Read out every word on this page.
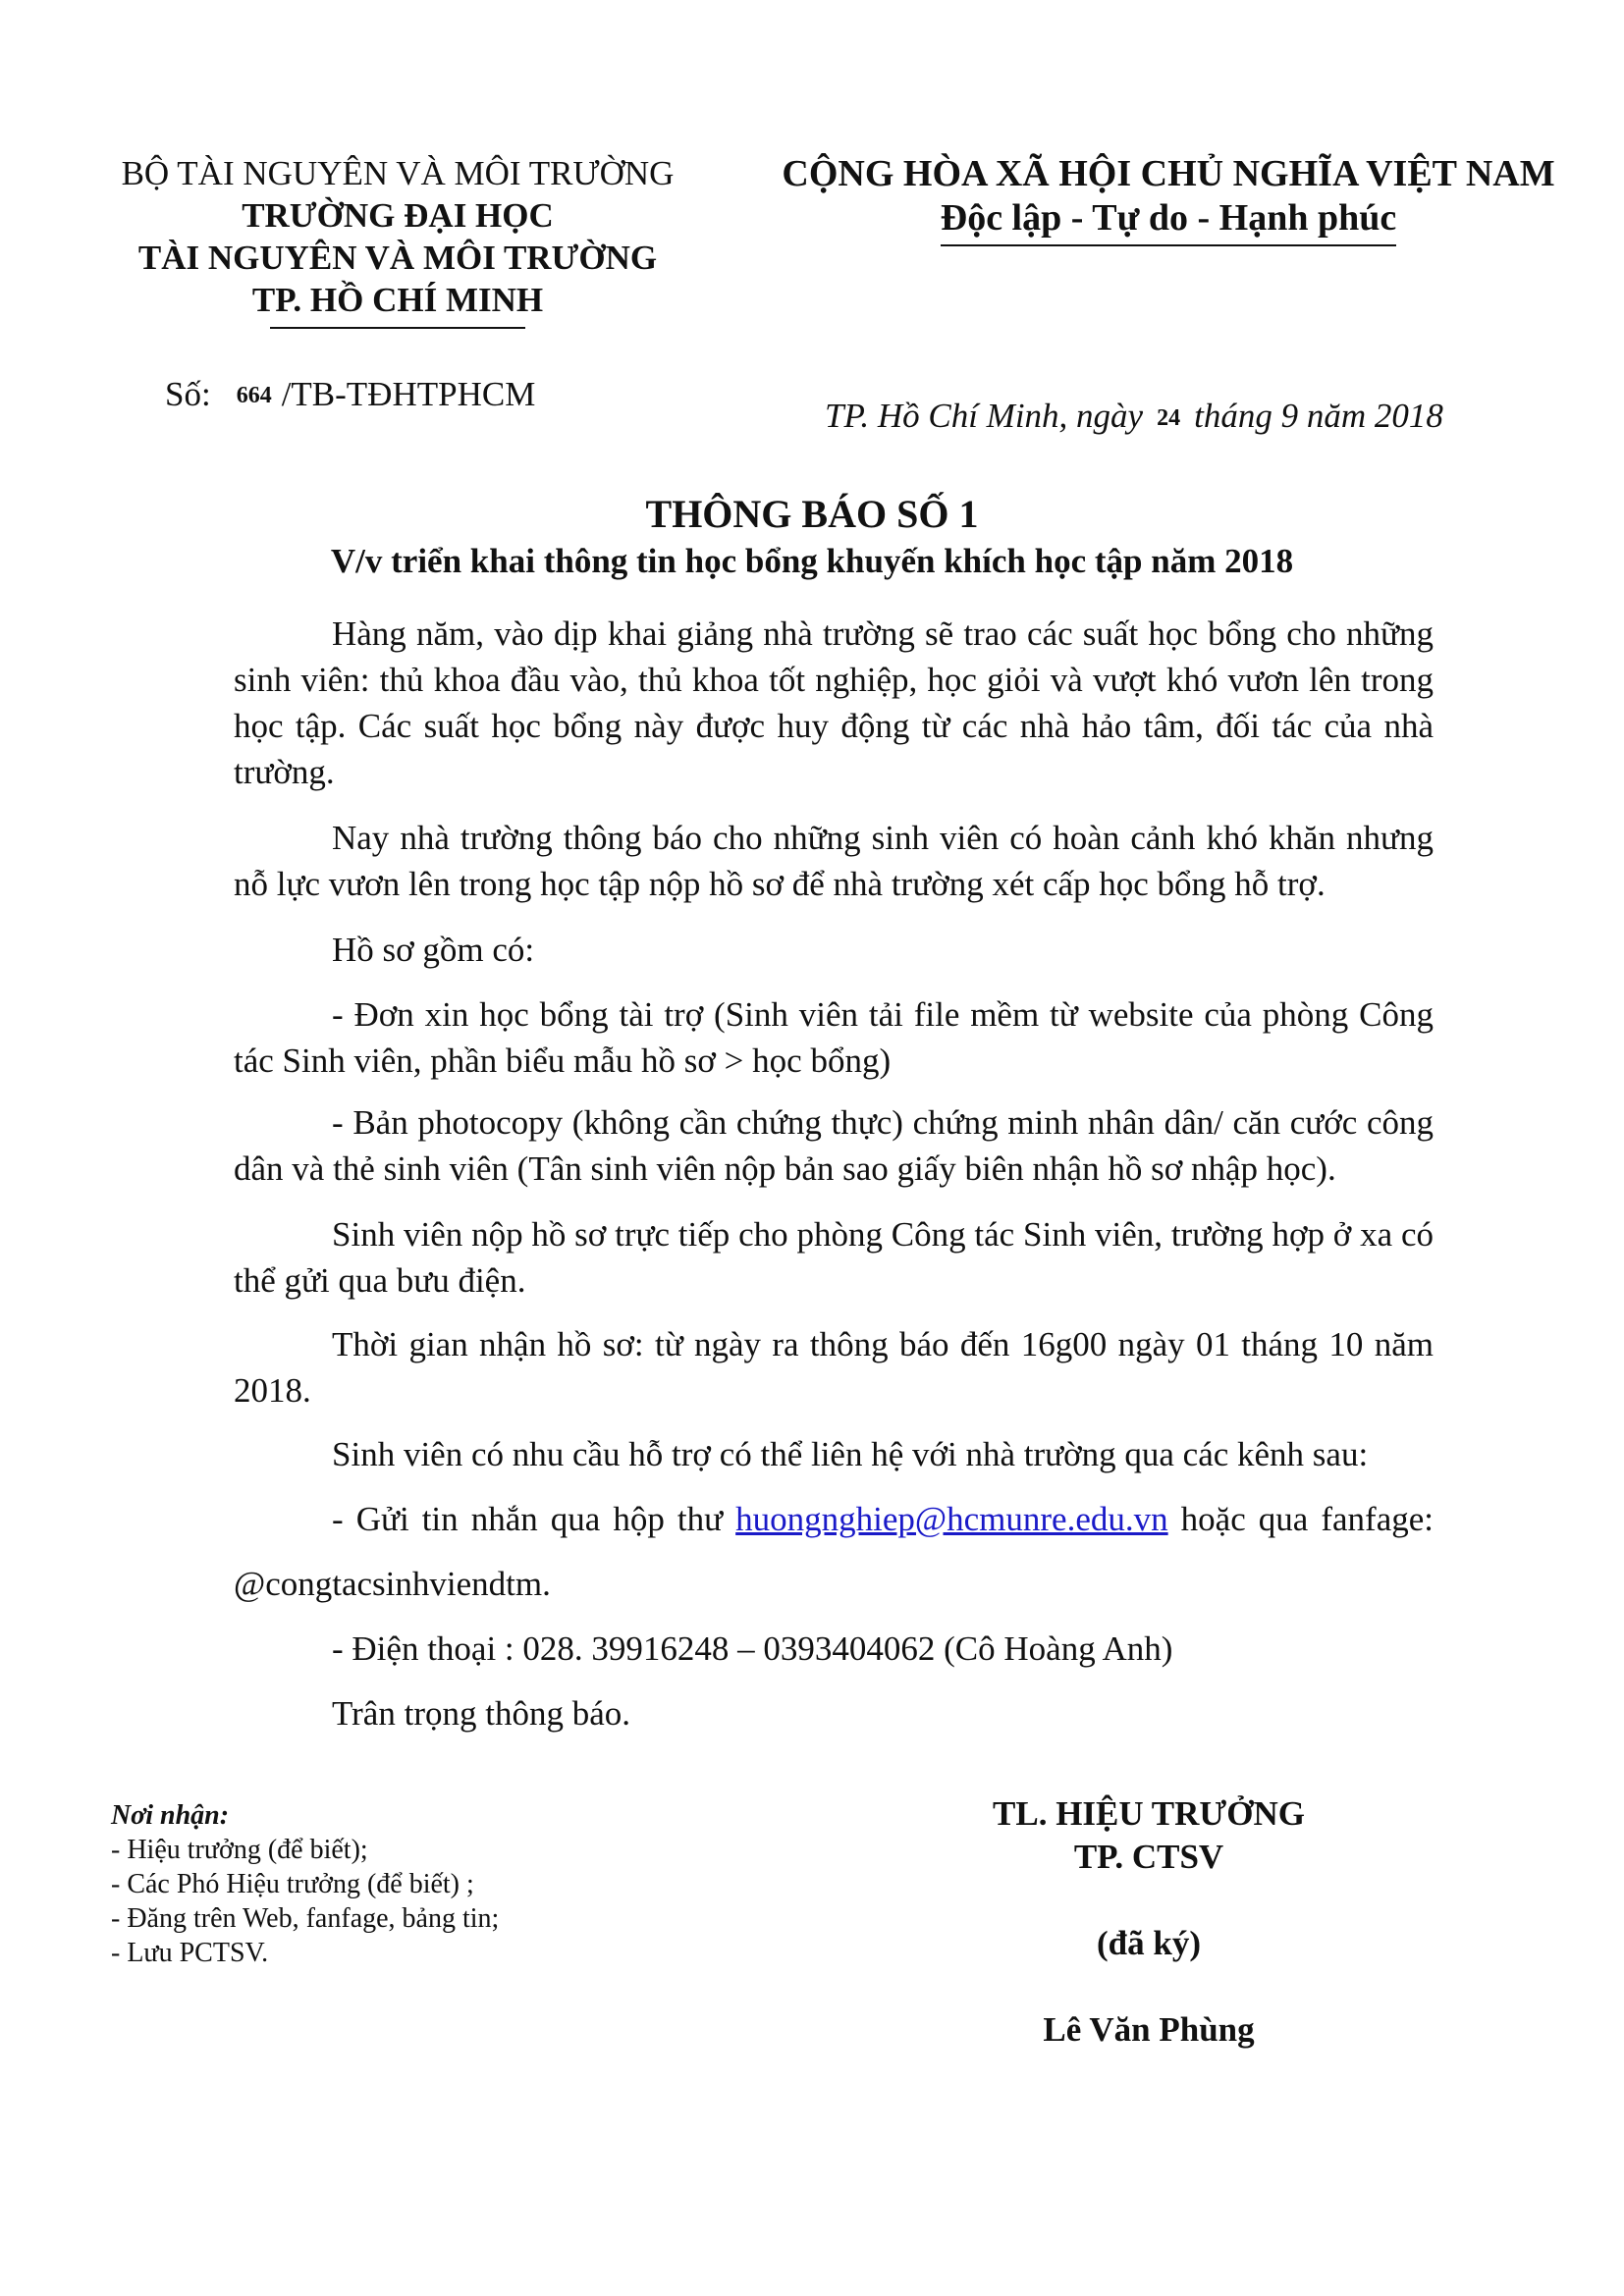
BỘ TÀI NGUYÊN VÀ MÔI TRƯỜNG
TRƯỜNG ĐẠI HỌC
TÀI NGUYÊN VÀ MÔI TRƯỜNG
TP. HỒ CHÍ MINH
CỘNG HÒA XÃ HỘI CHỦ NGHĨA VIỆT NAM
Độc lập - Tự do - Hạnh phúc
Số: 664 /TB-TĐHTPHCM
TP. Hồ Chí Minh, ngày 24 tháng 9 năm 2018
THÔNG BÁO SỐ 1
V/v triển khai thông tin học bổng khuyến khích học tập năm 2018

Hàng năm, vào dịp khai giảng nhà trường sẽ trao các suất học bổng cho những sinh viên: thủ khoa đầu vào, thủ khoa tốt nghiệp, học giỏi và vượt khó vươn lên trong học tập. Các suất học bổng này được huy động từ các nhà hảo tâm, đối tác của nhà trường.

Nay nhà trường thông báo cho những sinh viên có hoàn cảnh khó khăn nhưng nỗ lực vươn lên trong học tập nộp hồ sơ để nhà trường xét cấp học bổng hỗ trợ.

Hồ sơ gồm có:

- Đơn xin học bổng tài trợ (Sinh viên tải file mềm từ website của phòng Công tác Sinh viên, phần biểu mẫu hồ sơ > học bổng)

- Bản photocopy (không cần chứng thực) chứng minh nhân dân/ căn cước công dân và thẻ sinh viên (Tân sinh viên nộp bản sao giấy biên nhận hồ sơ nhập học).

Sinh viên nộp hồ sơ trực tiếp cho phòng Công tác Sinh viên, trường hợp ở xa có thể gửi qua bưu điện.

Thời gian nhận hồ sơ: từ ngày ra thông báo đến 16g00 ngày 01 tháng 10 năm 2018.

Sinh viên có nhu cầu hỗ trợ có thể liên hệ với nhà trường qua các kênh sau:

- Gửi tin nhắn qua hộp thư huongnghiep@hcmunre.edu.vn hoặc qua fanfage:

@congtacsinhviendtm.
- Điện thoại : 028. 39916248 – 0393404062 (Cô Hoàng Anh)
Trân trọng thông báo.
Nơi nhận:
- Hiệu trưởng (để biết);
- Các Phó Hiệu trưởng (để biết) ;
- Đăng trên Web, fanfage, bảng tin;
- Lưu PCTSV.
TL. HIỆU TRƯỞNG
TP. CTSV
(đã ký)
Lê Văn Phùng
